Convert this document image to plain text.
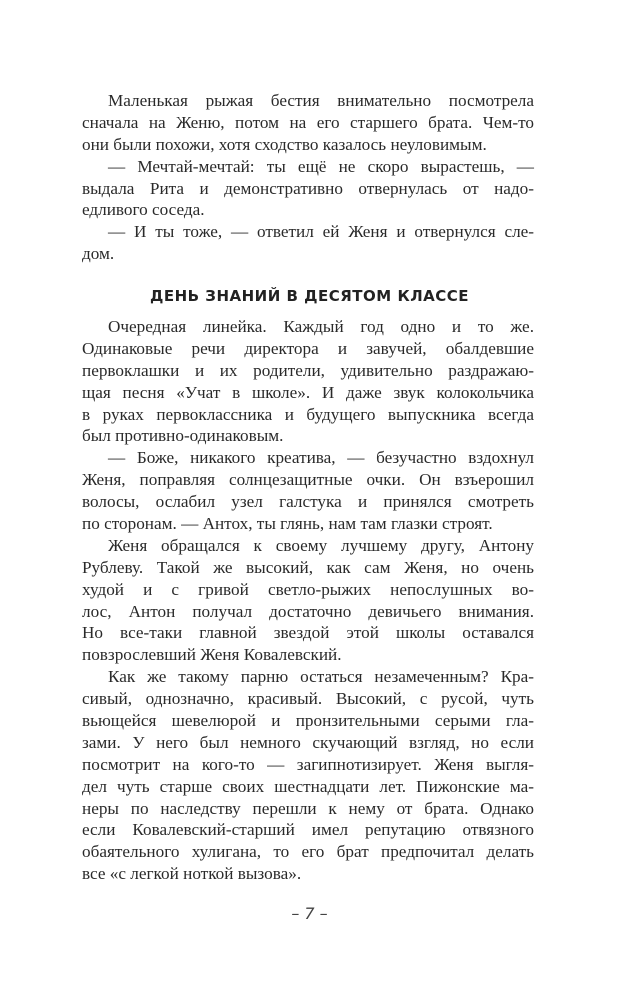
Маленькая рыжая бестия внимательно посмотрела
сначала на Женю, потом на его старшего брата. Чем-то
они были похожи, хотя сходство казалось неуловимым.
— Мечтай-мечтай: ты ещё не скоро вырастешь, —
выдала Рита и демонстративно отвернулась от надо-
едливого соседа.
— И ты тоже, — ответил ей Женя и отвернулся сле-
дом.
ДЕНЬ ЗНАНИЙ В ДЕСЯТОМ КЛАССЕ
Очередная линейка. Каждый год одно и то же.
Одинаковые речи директора и завучей, обалдевшие
первоклашки и их родители, удивительно раздражаю-
щая песня «Учат в школе». И даже звук колокольчика
в руках первоклассника и будущего выпускника всегда
был противно-одинаковым.
— Боже, никакого креатива, — безучастно вздохнул
Женя, поправляя солнцезащитные очки. Он взъерошил
волосы, ослабил узел галстука и принялся смотреть
по сторонам. — Антох, ты глянь, нам там глазки строят.
Женя обращался к своему лучшему другу, Антону
Рублеву. Такой же высокий, как сам Женя, но очень
худой и с гривой светло-рыжих непослушных во-
лос, Антон получал достаточно девичьего внимания.
Но все-таки главной звездой этой школы оставался
повзрослевший Женя Ковалевский.
Как же такому парню остаться незамеченным? Кра-
сивый, однозначно, красивый. Высокий, с русой, чуть
вьющейся шевелюрой и пронзительными серыми гла-
зами. У него был немного скучающий взгляд, но если
посмотрит на кого-то — загипнотизирует. Женя выгля-
дел чуть старше своих шестнадцати лет. Пижонские ма-
неры по наследству перешли к нему от брата. Однако
если Ковалевский-старший имел репутацию отвязного
обаятельного хулигана, то его брат предпочитал делать
все «с легкой ноткой вызова».
– 7 –
